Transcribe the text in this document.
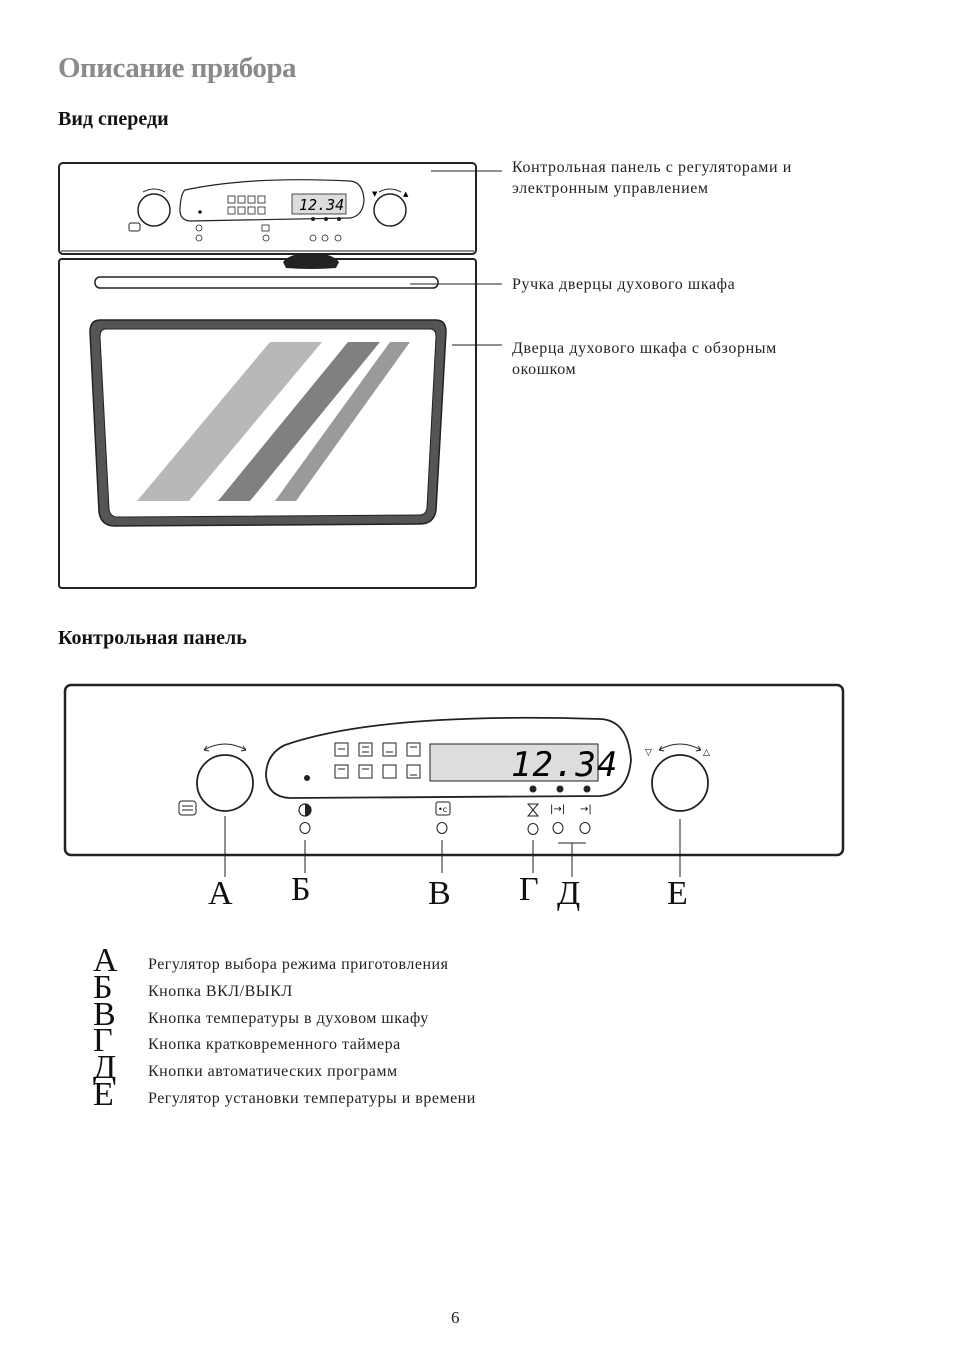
Описание прибора
Вид спереди
Контрольная панель
▼	▲
12.34
Контрольная панель с регуляторами и
электронным управлением
Ручка дверцы духового шкафа
Дверца духового шкафа с обзорным
окошком
12.34
•c	|→| →|
▽	△
А Б	В Г Д	Е
А Регулятор выбора режима приготовления
Б Кнопка ВКЛ/ВЫКЛ
В Кнопка температуры в духовом шкафу
Г Кнопка кратковременного таймера
Д Кнопки автоматических программ
Е Регулятор установки температуры и времени
6
